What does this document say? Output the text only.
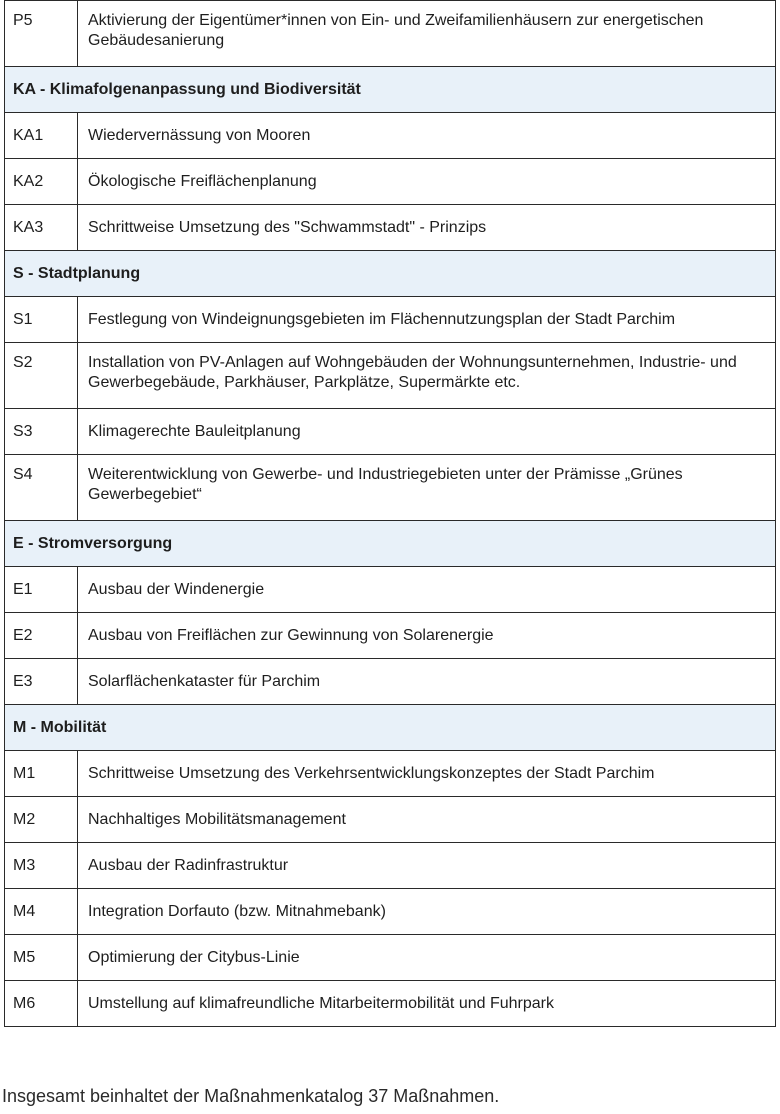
P5	Aktivierung der Eigentümer*innen von Ein- und Zweifamilienhäusern zur energetischen Gebäudesanierung
KA - Klimafolgenanpassung und Biodiversität	
KA1	Wiedervernässung von Mooren
KA2	Ökologische Freiflächenplanung
KA3	Schrittweise Umsetzung des "Schwammstadt" - Prinzips
S - Stadtplanung	
S1	Festlegung von Windeignungsgebieten im Flächennutzungsplan der Stadt Parchim
S2	Installation von PV-Anlagen auf Wohngebäuden der Wohnungsunternehmen, Industrie- und Gewerbegebäude, Parkhäuser, Parkplätze, Supermärkte etc.
S3	Klimagerechte Bauleitplanung
S4	Weiterentwicklung von Gewerbe- und Industriegebieten unter der Prämisse „Grünes Gewerbegebiet“
E - Stromversorgung	
E1	Ausbau der Windenergie
E2	Ausbau von Freiflächen zur Gewinnung von Solarenergie
E3	Solarflächenkataster für Parchim
M - Mobilität	
M1	Schrittweise Umsetzung des Verkehrsentwicklungskonzeptes der Stadt Parchim
M2	Nachhaltiges Mobilitätsmanagement
M3	Ausbau der Radinfrastruktur
M4	Integration Dorfauto (bzw. Mitnahmebank)
M5	Optimierung der Citybus-Linie
M6	Umstellung auf klimafreundliche Mitarbeitermobilität und Fuhrpark

Insgesamt beinhaltet der Maßnahmenkatalog 37 Maßnahmen.
